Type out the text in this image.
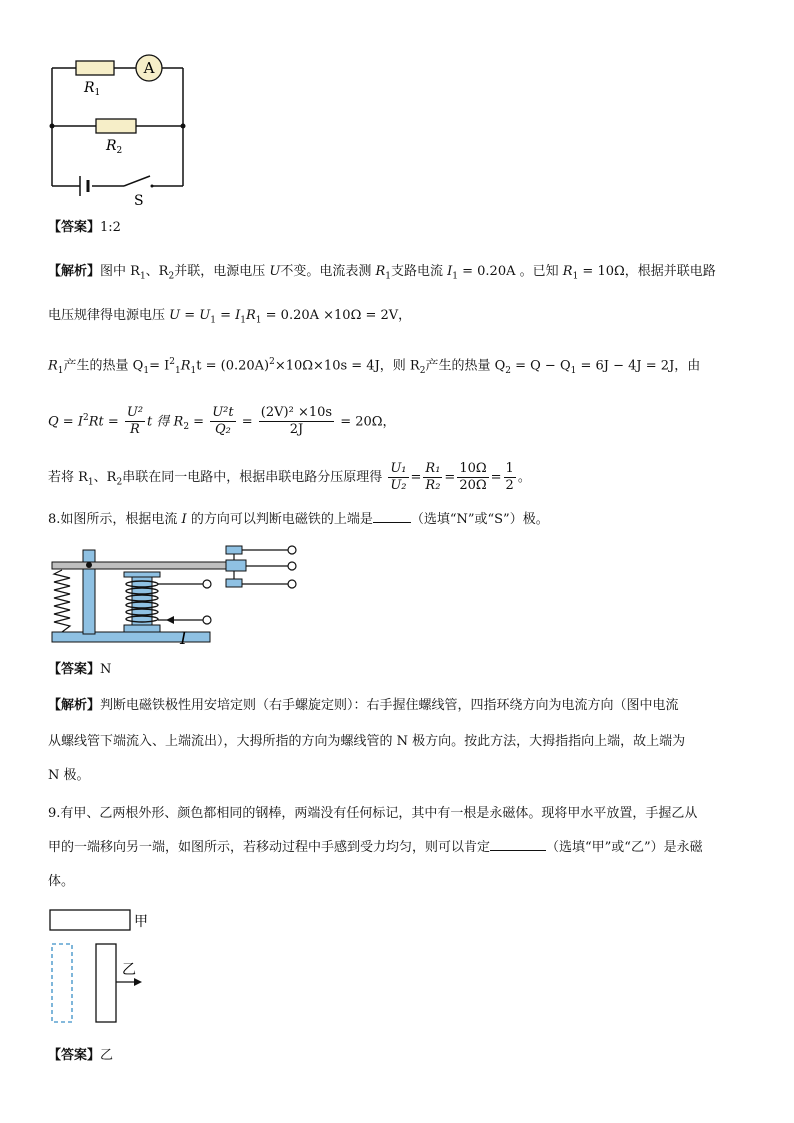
A
$R_1$
$R_2$
S
【答案】1:2
【解析】图中 $R_1$、$R_2$并联，电源电压 U不变。电流表测 $R_1$支路电流 $I_1 = 0.20A$ 。已知 $R_1 = 10\Omega$，根据并联电路
电压规律得电源电压 $U = U_1 = I_1R_1 = 0.20A \times 10\Omega = 2V$，
$R_1$产生的热量 $Q_1= I^2_1R_1t = (0.20A)^2\times 10\Omega\times 10s = 4J$，则 $R_2$产生的热量 $Q_2 = Q - Q_1 = 6J - 4J = 2J$，由
$Q = I^2Rt = \frac{\text{U²}}{R}$ t 得 $R_2 = \frac{\text{U²t}}{\text{Q₂}} = \frac{\text{(2V)² ×10s}}{2J} = 20\Omega$，
若将 $R_1$、$R_2$串联在同一电路中，根据串联电路分压原理得 $\frac{\text{U₁}}{\text{U₂}} = \frac{\text{R₁}}{\text{R₂}} = \frac{10\Omega}{20\Omega} = \frac{1}{2}$ 。
8.如图所示，根据电流 I 的方向可以判断电磁铁的上端是	（选填“N”或“S”）极。
I
【答案】N
【解析】判断电磁铁极性用安培定则（右手螺旋定则）：右手握住螺线管，四指环绕方向为电流方向（图中电流
从螺线管下端流入、上端流出），大拇所指的方向为螺线管的 N 极方向。按此方法，大拇指指向上端，故上端为
N 极。
9.有甲、乙两根外形、颜色都相同的钢棒，两端没有任何标记，其中有一根是永磁体。现将甲水平放置，手握乙从
甲的一端移向另一端，如图所示，若移动过程中手感到受力均匀，则可以肯定	（选填“甲”或“乙”）是永磁
体。
甲
乙
【答案】乙
